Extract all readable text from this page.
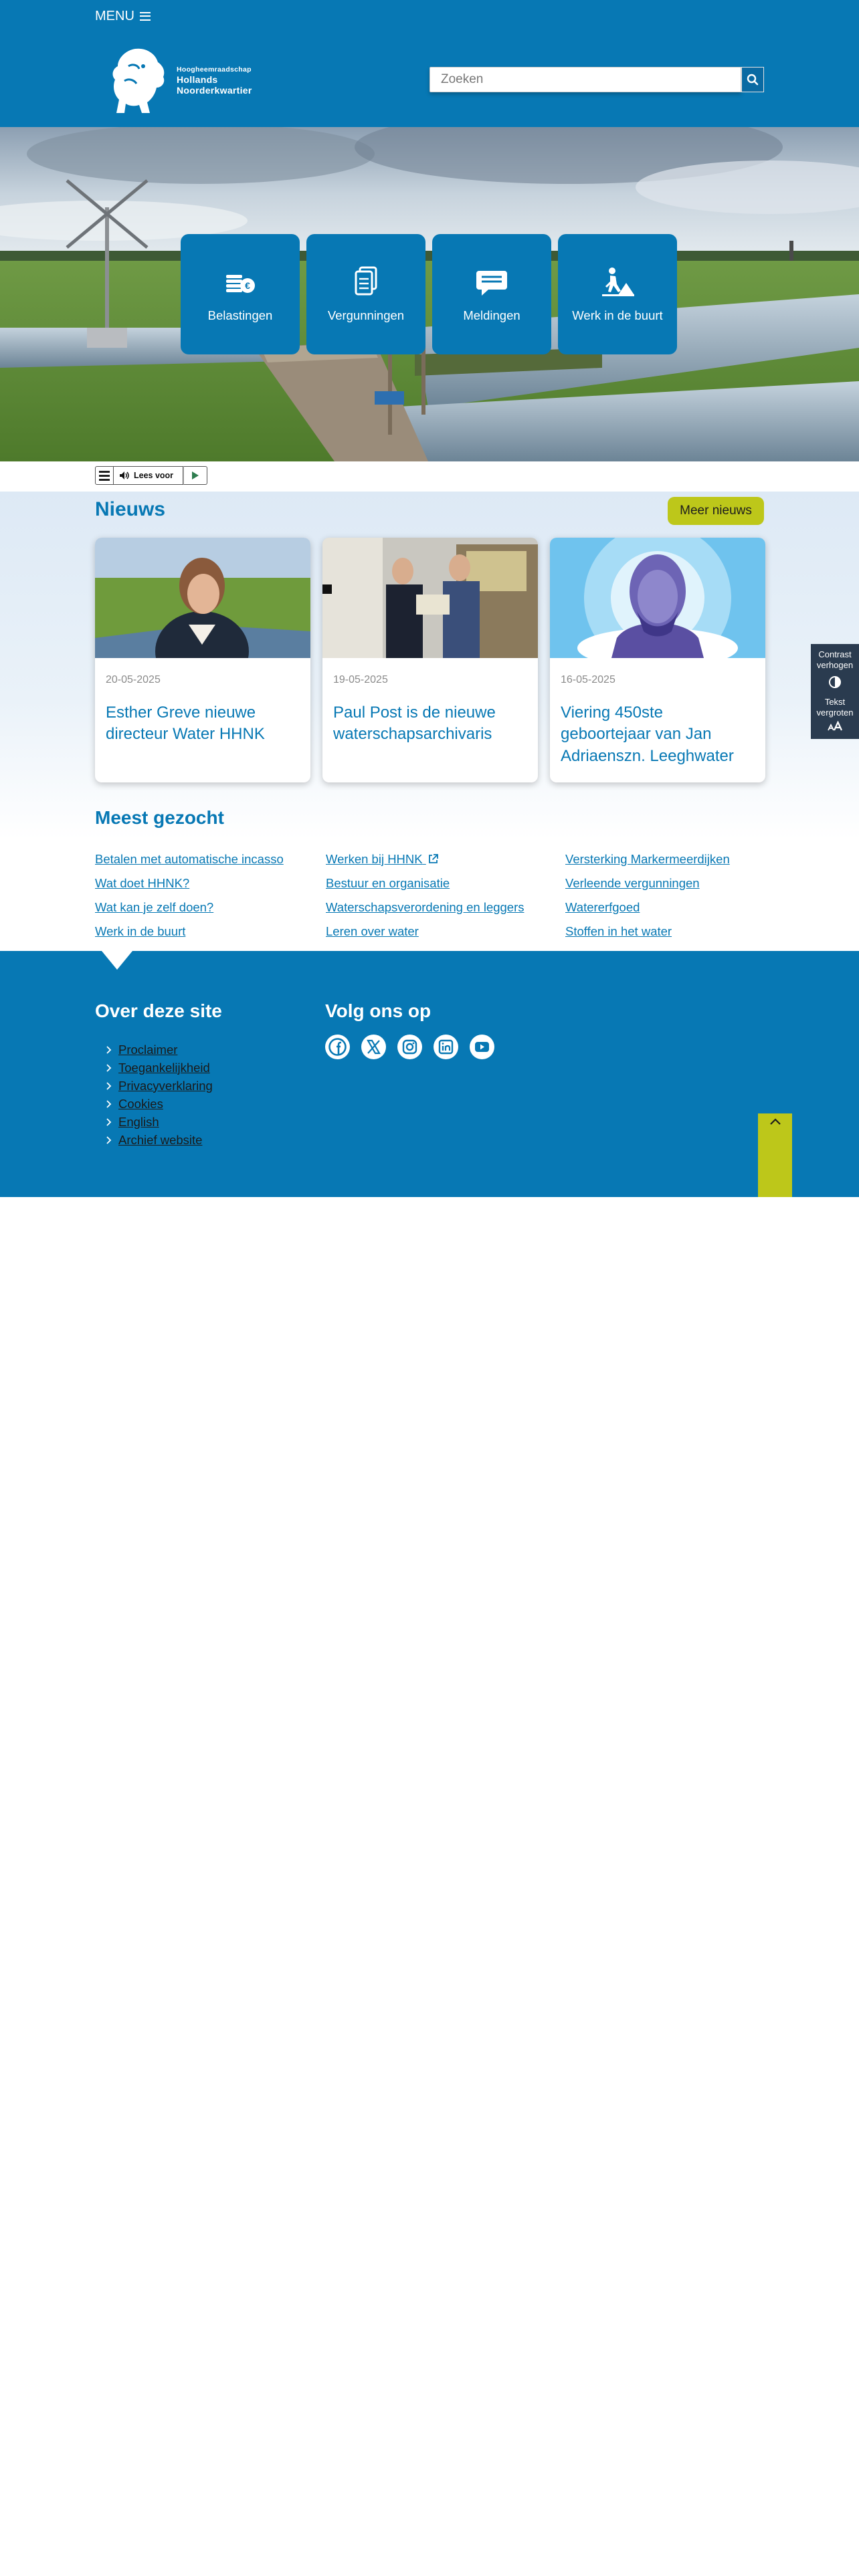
MENU
Hoogheemraadschap
Hollands
Noorderkwartier
Zoeken
€
Belastingen	Vergunningen	Meldingen	Werk in de buurt
Lees voor
Nieuws	Meer nieuws
20-05-2025
Esther Greve nieuwe directeur Water HHNK
19-05-2025
Paul Post is de nieuwe waterschapsarchivaris
16-05-2025
Viering 450ste geboortejaar van Jan Adriaenszn. Leeghwater
Meest gezocht
Betalen met automatische incasso	Werken bij HHNK	Versterking Markermeerdijken
Wat doet HHNK?	Bestuur en organisatie	Verleende vergunningen
Wat kan je zelf doen?	Waterschapsverordening en leggers	Watererfgoed
Werk in de buurt	Leren over water	Stoffen in het water
Over deze site
Proclaimer
Toegankelijkheid
Privacyverklaring
Cookies
English
Archief website
Volg ons op
Contrast
verhogen
Tekst
vergroten
